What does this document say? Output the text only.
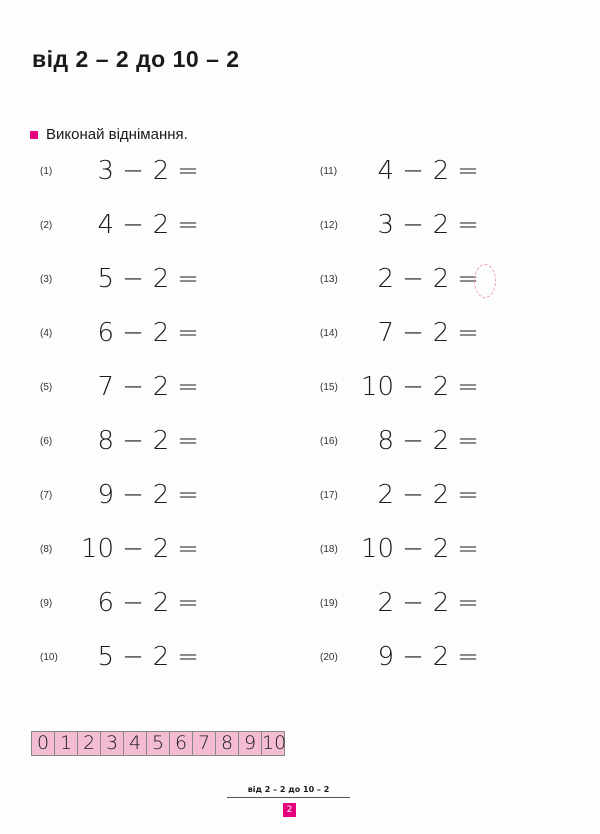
від 2 – 2 до 10 – 2
Виконай віднімання.
(1)	3 − 2 =
(2)	4 − 2 =
(3)	5 − 2 =
(4)	6 − 2 =
(5)	7 − 2 =
(6)	8 − 2 =
(7)	9 − 2 =
(8)	10 − 2 =
(9)	6 − 2 =
(10)	5 − 2 =
(11)	4 − 2 =
(12)	3 − 2 =
(13)	2 − 2 =
(14)	7 − 2 =
(15) 10 − 2 =
(16)	8 − 2 =
(17)	2 − 2 =
(18) 10 − 2 =
(19)	2 − 2 =
(20)	9 − 2 =
0 1 2 3 4 5 6 7 8 9 10
від 2 – 2 до 10 – 2
2
